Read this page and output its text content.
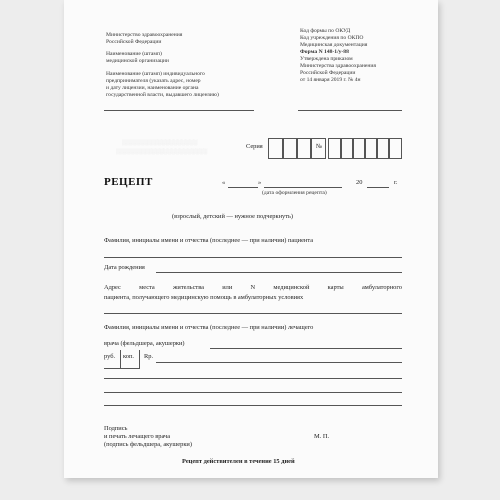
Министерство здравоохранения
Российской Федерации
Наименование (штамп)
медицинской организации
Наименование (штамп) индивидуального
предпринимателя (указать адрес, номер
и дату лицензии, наименование органа
государственной власти, выдавшего лицензию)
Код формы по ОКУД
Код учреждения по ОКПО
Медицинская документация
Форма N 148-1/у-88
Утверждена приказом
Министерства здравоохранения
Российской Федерации
от 14 января 2019 г. № 4н
░░░░░░░░░░░░░░░░░░░
░░░░░░░░░░░░░░░░░░░░░░░
Серия	№
РЕЦЕПТ	«	»	20	г.
(дата оформления рецепта)
(взрослый, детский — нужное подчеркнуть)
Фамилия, инициалы имени и отчества (последнее — при наличии) пациента
Дата рождения
Адрес места жительства или N медицинской карты амбулаторного
пациента, получающего медицинскую помощь в амбулаторных условиях
Фамилия, инициалы имени и отчества (последнее — при наличии) лечащего
врача (фельдшера, акушерки)
руб. коп. Rp.
Подпись
и печать лечащего врача
(подпись фельдшера, акушерки)
М. П.
Рецепт действителен в течение 15 дней
